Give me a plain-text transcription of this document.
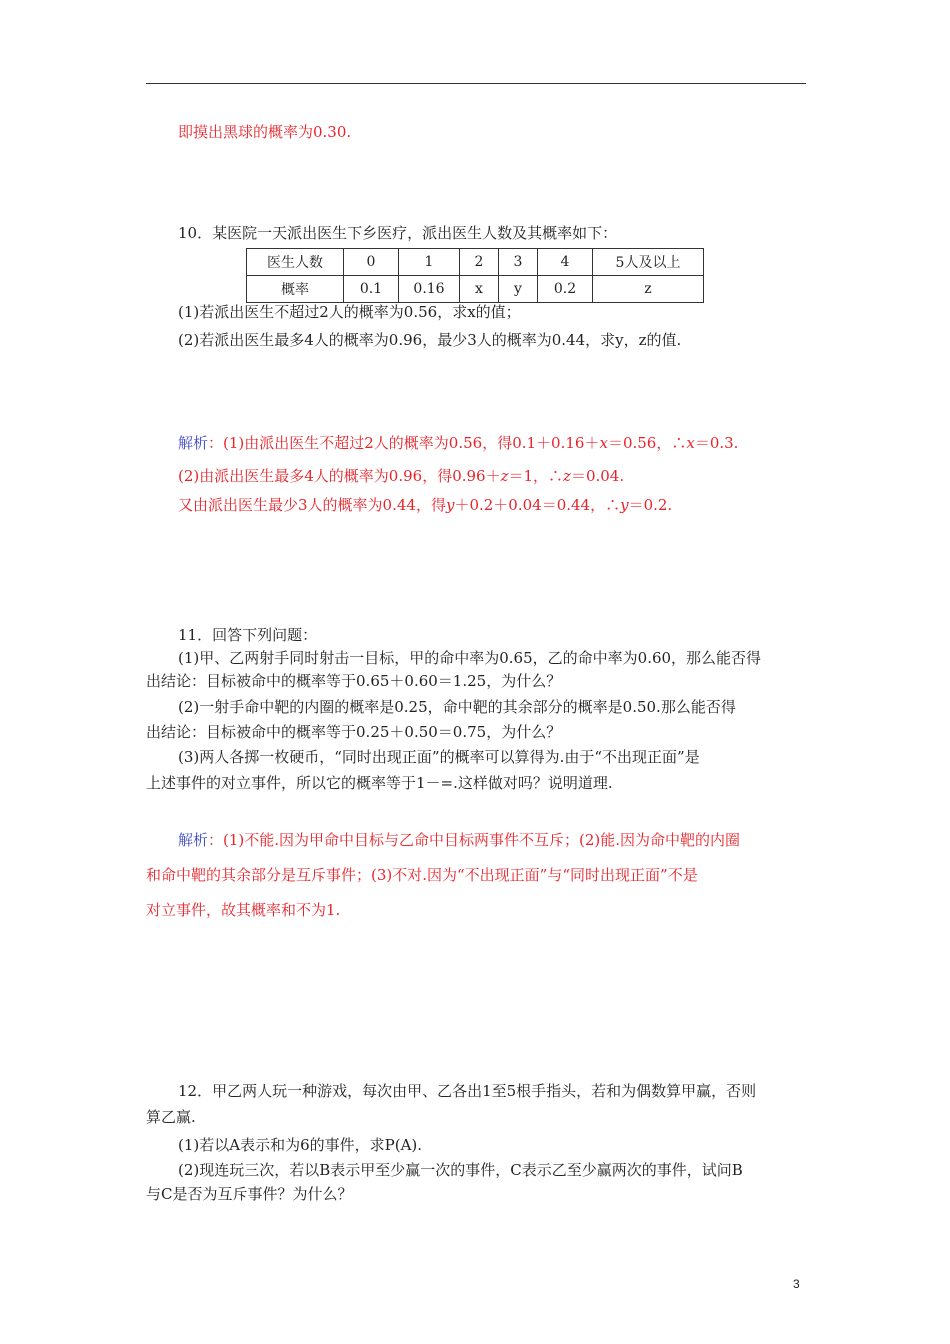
即摸出黑球的概率为0.30.
10．某医院一天派出医生下乡医疗，派出医生人数及其概率如下：
医生人数	0	1	2	3	4	5人及以上
概率	0.1	0.16	x	y	0.2	z
(1)若派出医生不超过2人的概率为0.56，求x的值；
(2)若派出医生最多4人的概率为0.96，最少3人的概率为0.44，求y，z的值.
解析：(1)由派出医生不超过2人的概率为0.56，得0.1＋0.16＋x＝0.56，∴x＝0.3.
(2)由派出医生最多4人的概率为0.96，得0.96＋z＝1，∴z＝0.04.
又由派出医生最少3人的概率为0.44，得y＋0.2＋0.04＝0.44，∴y＝0.2.
11．回答下列问题：
(1)甲、乙两射手同时射击一目标，甲的命中率为0.65，乙的命中率为0.60，那么能否得
出结论：目标被命中的概率等于0.65＋0.60＝1.25，为什么？
(2)一射手命中靶的内圈的概率是0.25，命中靶的其余部分的概率是0.50.那么能否得
出结论：目标被命中的概率等于0.25＋0.50＝0.75，为什么？
(3)两人各掷一枚硬币，“同时出现正面”的概率可以算得为.由于“不出现正面”是
上述事件的对立事件，所以它的概率等于1－=.这样做对吗？说明道理.
解析：(1)不能.因为甲命中目标与乙命中目标两事件不互斥；(2)能.因为命中靶的内圈
和命中靶的其余部分是互斥事件；(3)不对.因为“不出现正面”与“同时出现正面”不是
对立事件，故其概率和不为1.
12．甲乙两人玩一种游戏，每次由甲、乙各出1至5根手指头，若和为偶数算甲赢，否则
算乙赢.
(1)若以A表示和为6的事件，求P(A).
(2)现连玩三次，若以B表示甲至少赢一次的事件，C表示乙至少赢两次的事件，试问B
与C是否为互斥事件？为什么？
3
